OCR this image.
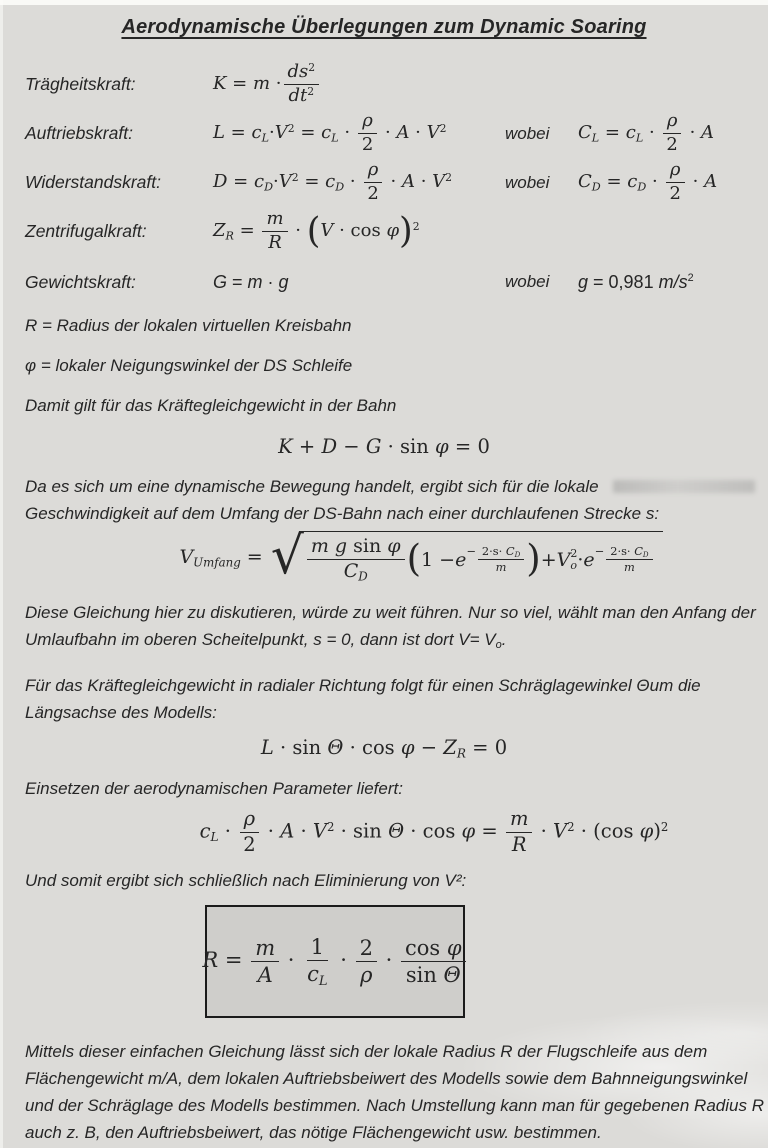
Aerodynamische Überlegungen zum Dynamic Soaring
Trägheitskraft:	$K = m \cdot \frac{ds 2}{dt 2}$
Auftriebskraft:	L = cL·V 2 = cL · $\frac{\rho}{2} \cdot A \cdot V$ 2	wobei	CL = cL · $\frac{\rho}{2} \cdot A$
Widerstandskraft:	D = cD·V 2 = cD · $\frac{\rho}{2} \cdot A \cdot V$ 2	wobei	CD = cD · $\frac{\rho}{2} \cdot A$
Zentrifugalkraft:	ZR = $\frac{m}{R} \cdot (V \cdot \cos \varphi)$ 2
Gewichtskraft:	G = m · g	wobei	g = 0,981 m/s 2
R = Radius der lokalen virtuellen Kreisbahn
φ = lokaler Neigungswinkel der DS Schleife
Damit gilt für das Kräftegleichgewicht in der Bahn
K + D − G · sin φ = 0
Da es sich um eine dynamische Bewegung handelt, ergibt sich für die lokale
Geschwindigkeit auf dem Umfang der DS-Bahn nach einer durchlaufenen Strecke s:
VUmfang = √ $\frac{\text{m g sin φ}}{CD}$ ( $1 - e - \frac{2\cdot s\cdot CD}{m}$ ) + V 2
$o \cdot e - \frac{2\cdot s\cdot CD}{m}$
Diese Gleichung hier zu diskutieren, würde zu weit führen. Nur so viel, wählt man den Anfang der
Umlaufbahn im oberen Scheitelpunkt, s = 0, dann ist dort V= Vo.
Für das Kräftegleichgewicht in radialer Richtung folgt für einen Schräglagewinkel Θum die
Längsachse des Modells:
L · sin Θ · cos φ − ZR = 0
Einsetzen der aerodynamischen Parameter liefert:
cL · $\frac{\rho}{2} \cdot A \cdot V$ $2 \cdot \sin \Theta \cdot \cos \varphi = \frac{m}{R} \cdot V$ 2 · (cos φ) 2
Und somit ergibt sich schließlich nach Eliminierung von V²:
$R = \frac{m}{A} \cdot \frac{1}{cL} \cdot \frac{2}{\rho} \cdot \frac{\text{cos φ}}{\text{sin Θ}}$
Mittels dieser einfachen Gleichung lässt sich der lokale Radius R der Flugschleife aus dem
Flächengewicht m/A, dem lokalen Auftriebsbeiwert des Modells sowie dem Bahnneigungswinkel
und der Schräglage des Modells bestimmen. Nach Umstellung kann man für gegebenen Radius R
auch z. B, den Auftriebsbeiwert, das nötige Flächengewicht usw. bestimmen.
